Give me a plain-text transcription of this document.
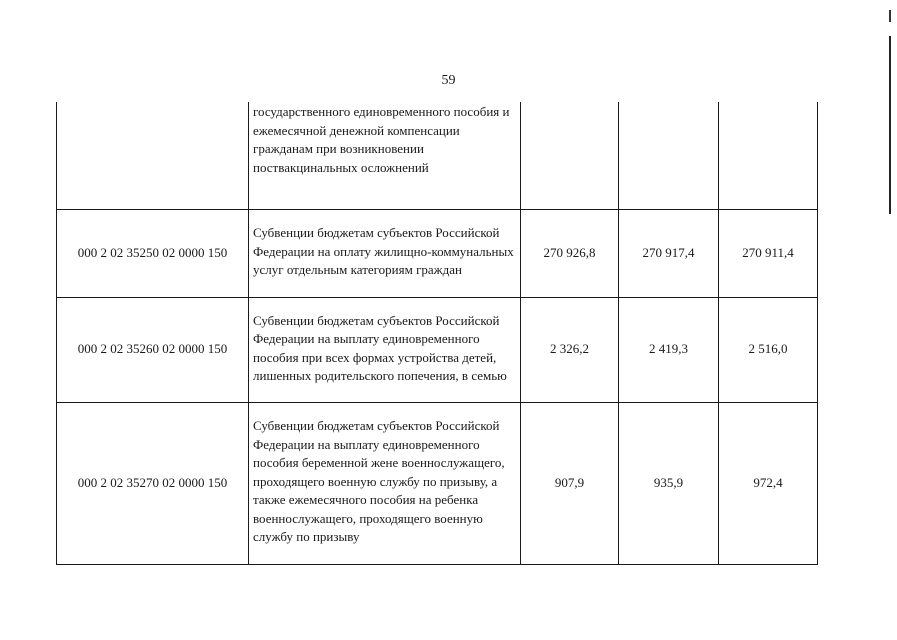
59

	государственного единовременного пособия и ежемесячной денежной компенсации гражданам при возникновении поствакцинальных осложнений			

000 2 02 35250 02 0000 150	Субвенции бюджетам субъектов Российской Федерации на оплату жилищно-коммунальных услуг отдельным категориям граждан	270 926,8	270 917,4	270 911,4
000 2 02 35260 02 0000 150	Субвенции бюджетам субъектов Российской Федерации на выплату единовременного пособия при всех формах устройства детей, лишенных родительского попечения, в семью	2 326,2	2 419,3	2 516,0
000 2 02 35270 02 0000 150	Субвенции бюджетам субъектов Российской Федерации на выплату единовременного пособия беременной жене военнослужащего, проходящего военную службу по призыву, а также ежемесячного пособия на ребенка военнослужащего, проходящего военную службу по призыву	907,9	935,9	972,4
